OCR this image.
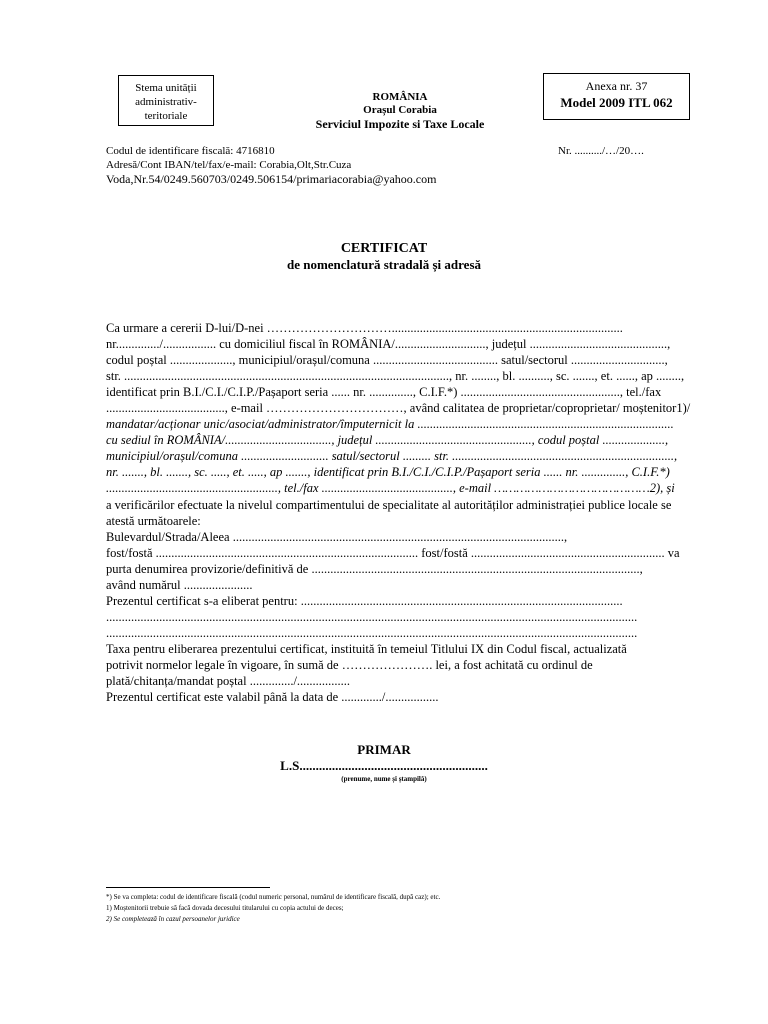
Stema unității
administrativ-
teritoriale
ROMÂNIA
Orașul Corabia
Serviciul Impozite si Taxe Locale
Anexa nr. 37
Model 2009 ITL 062
Codul de identificare fiscală: 4716810	Nr. ........../…/20….
Adresă/Cont IBAN/tel/fax/e-mail: Corabia,Olt,Str.Cuza
Voda,Nr.54/0249.560703/0249.506154/primariacorabia@yahoo.com
CERTIFICAT
de nomenclatură stradală și adresă
Ca urmare a cererii D-lui/D-nei …………………………..........................................................................
nr............../................. cu domiciliul fiscal în ROMÂNIA/............................., județul ............................................,
codul poștal ...................., municipiul/orașul/comuna ........................................ satul/sectorul ..............................,
str. ........................................................................................................, nr. ........, bl. .........., sc. ......., et. ......, ap ........,
identificat prin B.I./C.I./C.I.P./Pașaport seria ...... nr. .............., C.I.F.*) ..................................................., tel./fax
......................................, e-mail ……………………………, având calitatea de proprietar/coproprietar/ moștenitor1)/
mandatar/acționar unic/asociat/administrator/împuternicit la ..................................................................................
cu sediul în ROMÂNIA/.................................., județul .................................................., codul poștal ....................,
municipiul/orașul/comuna ............................ satul/sectorul ......... str. .......................................................................,
nr. ......., bl. ......., sc. ....., et. ....., ap ......., identificat prin B.I./C.I./C.I.P./Pașaport seria ...... nr. .............., C.I.F.*)
......................................................., tel./fax .........................................., e-mail ……………………………………2), și
a verificărilor efectuate la nivelul compartimentului de specialitate al autorităților administrației publice locale se
atestă următoarele:
Bulevardul/Strada/Aleea ..........................................................................................................,
fost/fostă .................................................................................... fost/fostă .............................................................. va
purta denumirea provizorie/definitivă de .........................................................................................................,
având numărul ......................
Prezentul certificat s-a eliberat pentru: .......................................................................................................
..........................................................................................................................................................................
..........................................................................................................................................................................
Taxa pentru eliberarea prezentului certificat, instituită în temeiul Titlului IX din Codul fiscal, actualizată
potrivit normelor legale în vigoare, în sumă de …………………. lei, a fost achitată cu ordinul de
plată/chitanța/mandat poștal ............../.................
Prezentul certificat este valabil până la data de ............./.................
PRIMAR
L.S..........................................................
(prenume, nume și ștampilă)
*) Se va completa: codul de identificare fiscală (codul numeric personal, numărul de identificare fiscală, după caz); etc.
1) Moștenitorii trebuie să facă dovada decesului titularului cu copia actului de deces;
2) Se completează în cazul persoanelor juridice
